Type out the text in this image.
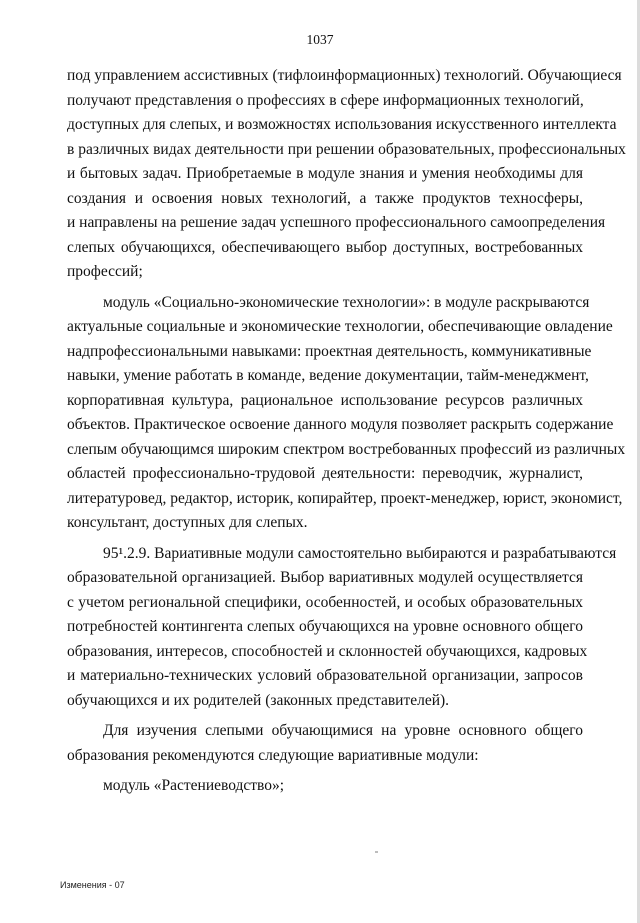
1037
под управлением ассистивных (тифлоинформационных) технологий. Обучающиеся
получают представления о профессиях в сфере информационных технологий,
доступных для слепых, и возможностях использования искусственного интеллекта
в различных видах деятельности при решении образовательных, профессиональных
и бытовых задач. Приобретаемые в модуле знания и умения необходимы для
создания и освоения новых технологий, а также продуктов техносферы,
и направлены на решение задач успешного профессионального самоопределения
слепых обучающихся, обеспечивающего выбор доступных, востребованных
профессий;
модуль «Социально-экономические технологии»: в модуле раскрываются
актуальные социальные и экономические технологии, обеспечивающие овладение
надпрофессиональными навыками: проектная деятельность, коммуникативные
навыки, умение работать в команде, ведение документации, тайм-менеджмент,
корпоративная культура, рациональное использование ресурсов различных
объектов. Практическое освоение данного модуля позволяет раскрыть содержание
слепым обучающимся широким спектром востребованных профессий из различных
областей профессионально-трудовой деятельности: переводчик, журналист,
литературовед, редактор, историк, копирайтер, проект-менеджер, юрист, экономист,
консультант, доступных для слепых.
95¹.2.9. Вариативные модули самостоятельно выбираются и разрабатываются
образовательной организацией. Выбор вариативных модулей осуществляется
с учетом региональной специфики, особенностей, и особых образовательных
потребностей контингента слепых обучающихся на уровне основного общего
образования, интересов, способностей и склонностей обучающихся, кадровых
и материально-технических условий образовательной организации, запросов
обучающихся и их родителей (законных представителей).
Для изучения слепыми обучающимися на уровне основного общего
образования рекомендуются следующие вариативные модули:
модуль «Растениеводство»;
Изменения - 07
